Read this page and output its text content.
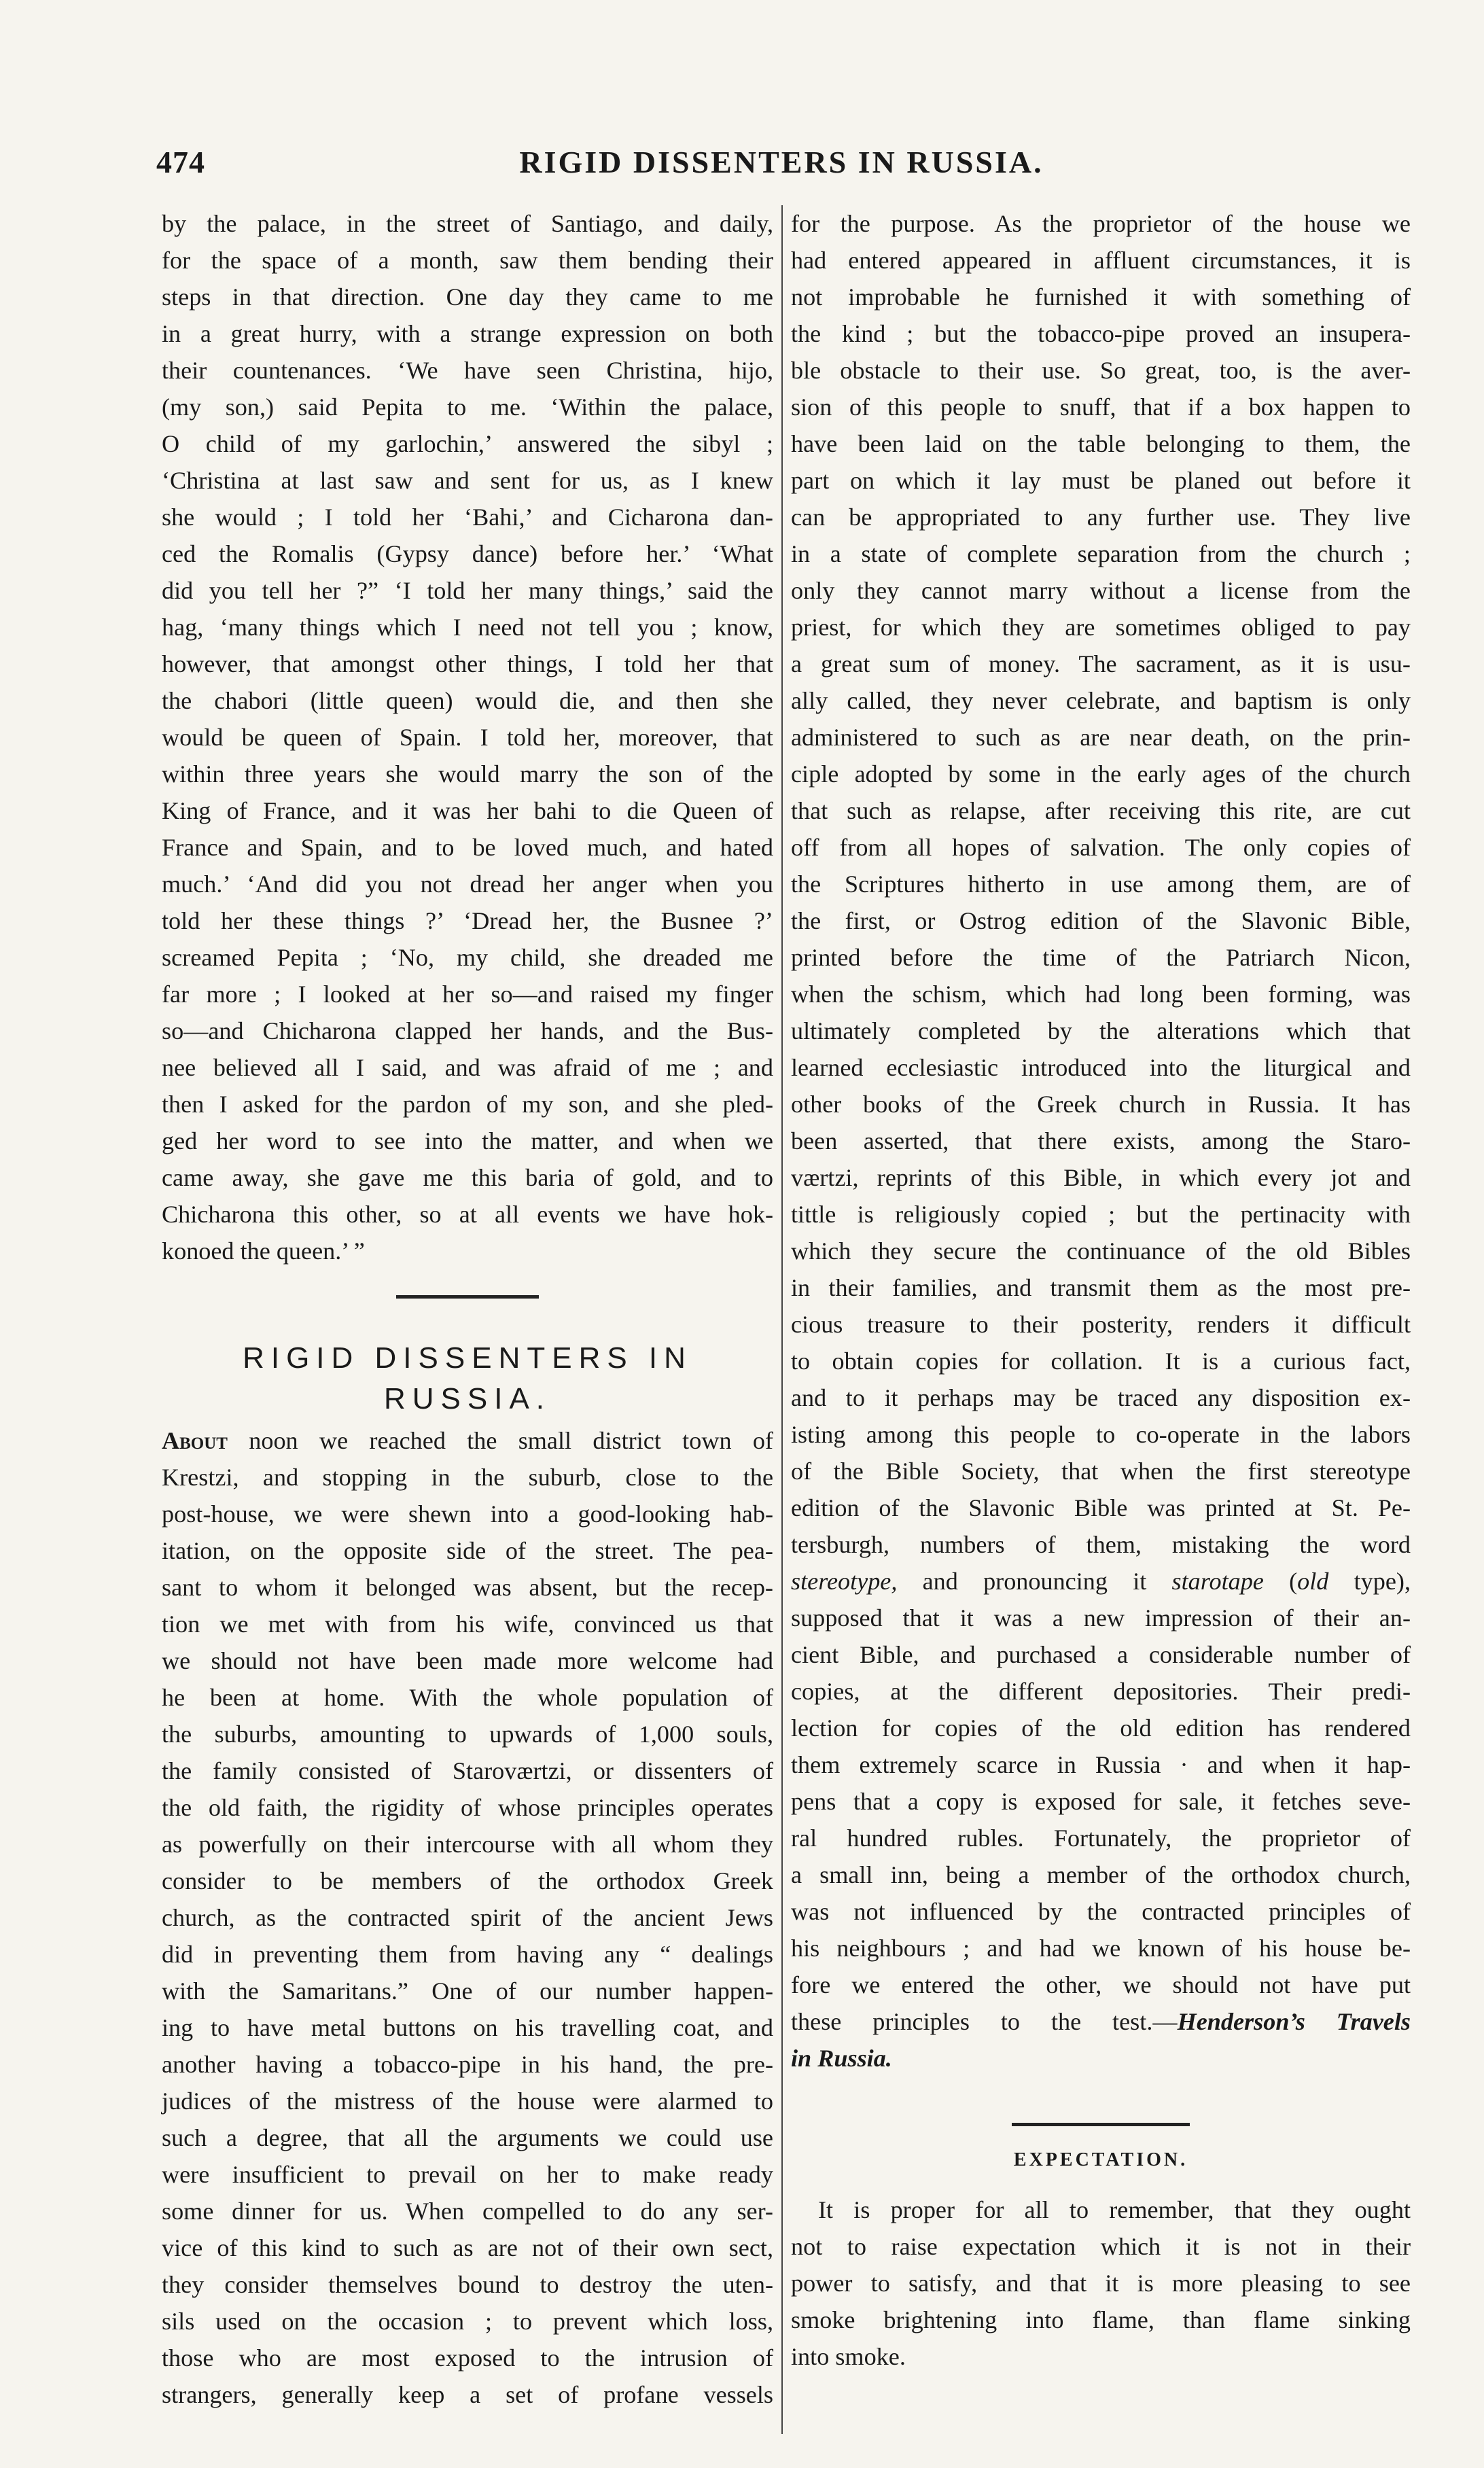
474	RIGID DISSENTERS IN RUSSIA.
by the palace, in the street of Santiago, and daily,
for the space of a month, saw them bending their
steps in that direction. One day they came to me
in a great hurry, with a strange expression on both
their countenances. ‘We have seen Christina, hijo,
(my son,) said Pepita to me. ‘Within the palace,
O child of my garlochin,’ answered the sibyl ;
‘Christina at last saw and sent for us, as I knew
she would ; I told her ‘Bahi,’ and Cicharona dan-
ced the Romalis (Gypsy dance) before her.’ ‘What
did you tell her ?” ‘I told her many things,’ said the
hag, ‘many things which I need not tell you ; know,
however, that amongst other things, I told her that
the chabori (little queen) would die, and then she
would be queen of Spain. I told her, moreover, that
within three years she would marry the son of the
King of France, and it was her bahi to die Queen of
France and Spain, and to be loved much, and hated
much.’ ‘And did you not dread her anger when you
told her these things ?’ ‘Dread her, the Busnee ?’
screamed Pepita ; ‘No, my child, she dreaded me
far more ; I looked at her so—and raised my finger
so—and Chicharona clapped her hands, and the Bus-
nee believed all I said, and was afraid of me ; and
then I asked for the pardon of my son, and she pled-
ged her word to see into the matter, and when we
came away, she gave me this baria of gold, and to
Chicharona this other, so at all events we have hok-
konoed the queen.’ ”
RIGID DISSENTERS IN RUSSIA.
About noon we reached the small district town of
Krestzi, and stopping in the suburb, close to the
post-house, we were shewn into a good-looking hab-
itation, on the opposite side of the street. The pea-
sant to whom it belonged was absent, but the recep-
tion we met with from his wife, convinced us that
we should not have been made more welcome had
he been at home. With the whole population of
the suburbs, amounting to upwards of 1,000 souls,
the family consisted of Staroværtzi, or dissenters of
the old faith, the rigidity of whose principles operates
as powerfully on their intercourse with all whom they
consider to be members of the orthodox Greek
church, as the contracted spirit of the ancient Jews
did in preventing them from having any “ dealings
with the Samaritans.” One of our number happen-
ing to have metal buttons on his travelling coat, and
another having a tobacco-pipe in his hand, the pre-
judices of the mistress of the house were alarmed to
such a degree, that all the arguments we could use
were insufficient to prevail on her to make ready
some dinner for us. When compelled to do any ser-
vice of this kind to such as are not of their own sect,
they consider themselves bound to destroy the uten-
sils used on the occasion ; to prevent which loss,
those who are most exposed to the intrusion of
strangers, generally keep a set of profane vessels
for the purpose. As the proprietor of the house we
had entered appeared in affluent circumstances, it is
not improbable he furnished it with something of
the kind ; but the tobacco-pipe proved an insupera-
ble obstacle to their use. So great, too, is the aver-
sion of this people to snuff, that if a box happen to
have been laid on the table belonging to them, the
part on which it lay must be planed out before it
can be appropriated to any further use. They live
in a state of complete separation from the church ;
only they cannot marry without a license from the
priest, for which they are sometimes obliged to pay
a great sum of money. The sacrament, as it is usu-
ally called, they never celebrate, and baptism is only
administered to such as are near death, on the prin-
ciple adopted by some in the early ages of the church
that such as relapse, after receiving this rite, are cut
off from all hopes of salvation. The only copies of
the Scriptures hitherto in use among them, are of
the first, or Ostrog edition of the Slavonic Bible,
printed before the time of the Patriarch Nicon,
when the schism, which had long been forming, was
ultimately completed by the alterations which that
learned ecclesiastic introduced into the liturgical and
other books of the Greek church in Russia. It has
been asserted, that there exists, among the Staro-
værtzi, reprints of this Bible, in which every jot and
tittle is religiously copied ; but the pertinacity with
which they secure the continuance of the old Bibles
in their families, and transmit them as the most pre-
cious treasure to their posterity, renders it difficult
to obtain copies for collation. It is a curious fact,
and to it perhaps may be traced any disposition ex-
isting among this people to co-operate in the labors
of the Bible Society, that when the first stereotype
edition of the Slavonic Bible was printed at St. Pe-
tersburgh, numbers of them, mistaking the word
stereotype, and pronouncing it starotape (old type),
supposed that it was a new impression of their an-
cient Bible, and purchased a considerable number of
copies, at the different depositories. Their predi-
lection for copies of the old edition has rendered
them extremely scarce in Russia · and when it hap-
pens that a copy is exposed for sale, it fetches seve-
ral hundred rubles. Fortunately, the proprietor of
a small inn, being a member of the orthodox church,
was not influenced by the contracted principles of
his neighbours ; and had we known of his house be-
fore we entered the other, we should not have put
these principles to the test.—Henderson’s Travels
in Russia.
EXPECTATION.
It is proper for all to remember, that they ought
not to raise expectation which it is not in their
power to satisfy, and that it is more pleasing to see
smoke brightening into flame, than flame sinking
into smoke.
